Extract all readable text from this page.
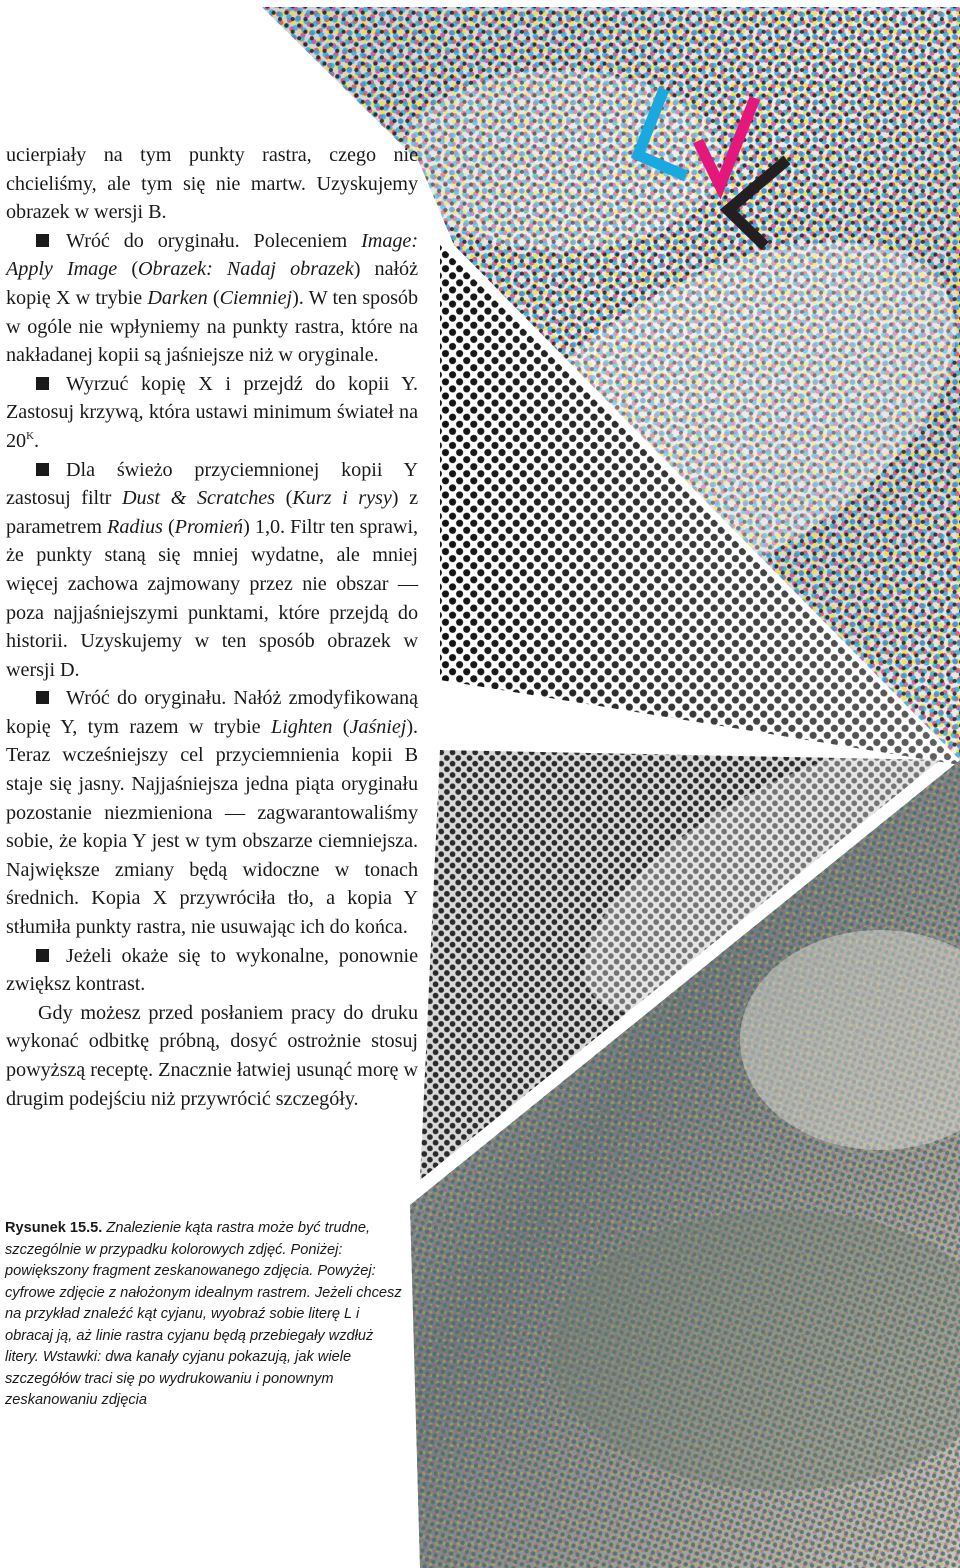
ucierpiały na tym punkty rastra, czego nie chcieliśmy, ale tym się nie martw. Uzyskujemy obrazek w wersji B.

Wróć do oryginału. Poleceniem Image: Apply Image (Obrazek: Nadaj obrazek) nałóż kopię X w trybie Darken (Ciemniej). W ten sposób w ogóle nie wpłyniemy na punkty rastra, które na nakładanej kopii są jaśniejsze niż w oryginale.

Wyrzuć kopię X i przejdź do kopii Y. Zastosuj krzywą, która ustawi minimum świateł na $20^K$.

Dla świeżo przyciemnionej kopii Y zastosuj filtr Dust & Scratches (Kurz i rysy) z parametrem Radius (Promień) 1,0. Filtr ten sprawi, że punkty staną się mniej wydatne, ale mniej więcej zachowa zajmowany przez nie obszar — poza najjaśniejszymi punktami, które przejdą do historii. Uzyskujemy w ten sposób obrazek w wersji D.

Wróć do oryginału. Nałóż zmodyfikowaną kopię Y, tym razem w trybie Lighten (Jaśniej). Teraz wcześniejszy cel przyciemnienia kopii B staje się jasny. Najjaśniejsza jedna piąta oryginału pozostanie niezmieniona — zagwarantowaliśmy sobie, że kopia Y jest w tym obszarze ciemniejsza. Największe zmiany będą widoczne w tonach średnich. Kopia X przywróciła tło, a kopia Y stłumiła punkty rastra, nie usuwając ich do końca.

Jeżeli okaże się to wykonalne, ponownie zwiększ kontrast.

Gdy możesz przed posłaniem pracy do druku wykonać odbitkę próbną, dosyć ostrożnie stosuj powyższą receptę. Znacznie łatwiej usunąć morę w drugim podejściu niż przywrócić szczegóły.

Rysunek 15.5. Znalezienie kąta rastra może być trudne, szczególnie w przypadku kolorowych zdjęć. Poniżej: powiększony fragment zeskanowanego zdjęcia. Powyżej: cyfrowe zdjęcie z nałożonym idealnym rastrem. Jeżeli chcesz na przykład znaleźć kąt cyjanu, wyobraź sobie literę L i obracaj ją, aż linie rastra cyjanu będą przebiegały wzdłuż litery. Wstawki: dwa kanały cyjanu pokazują, jak wiele szczegółów traci się po wydrukowaniu i ponownym zeskanowaniu zdjęcia
